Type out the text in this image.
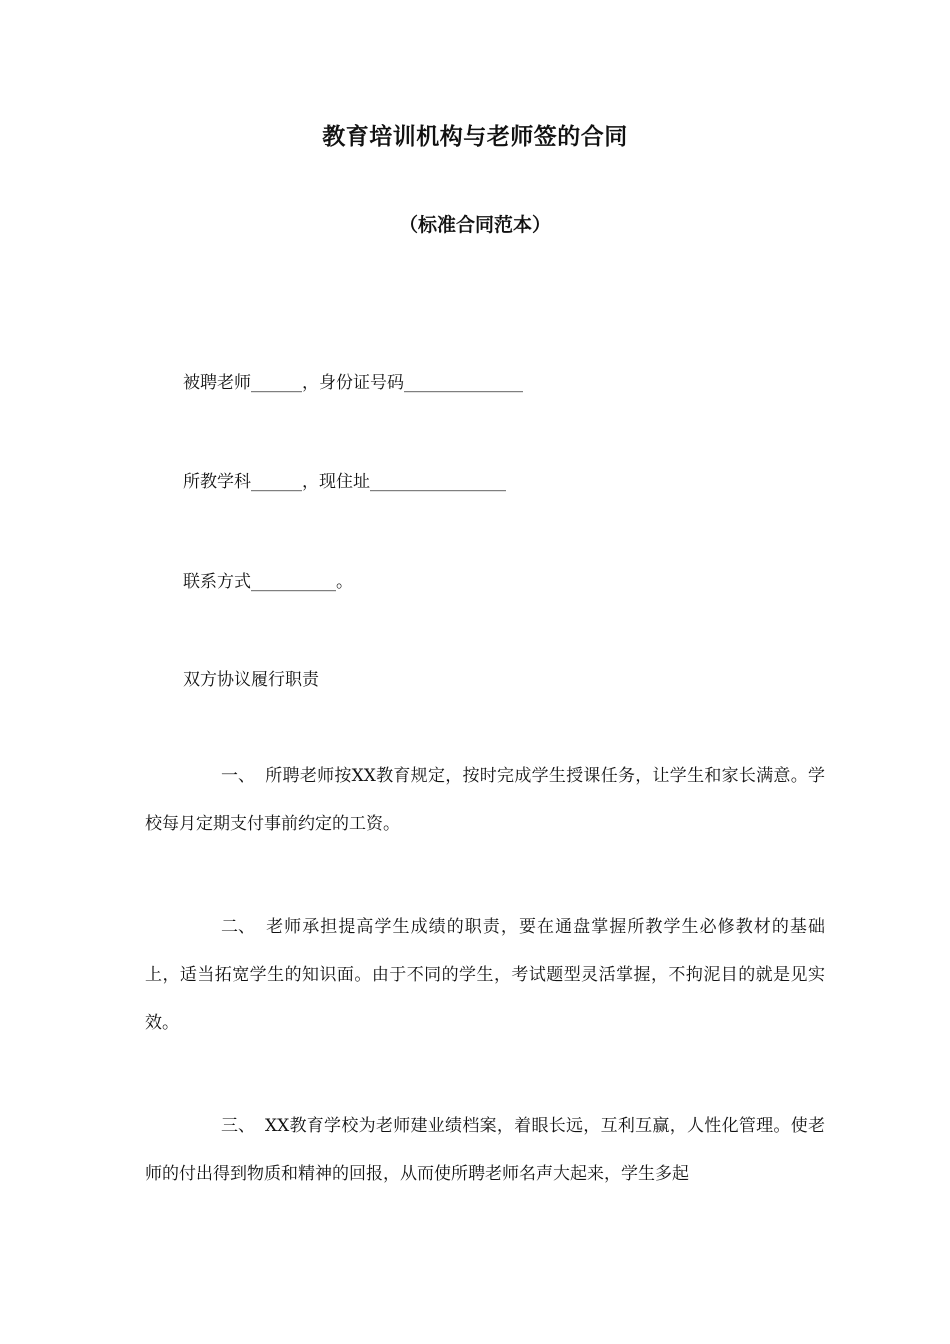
教育培训机构与老师签的合同
（标准合同范本）
被聘老师______，身份证号码______________
所教学科______，现住址________________
联系方式__________。
双方协议履行职责

一、 所聘老师按XX教育规定，按时完成学生授课任务，让学生和家长满意。学校每月定期支付事前约定的工资。

二、 老师承担提高学生成绩的职责，要在通盘掌握所教学生必修教材的基础上，适当拓宽学生的知识面。由于不同的学生，考试题型灵活掌握，不拘泥目的就是见实效。

三、 XX教育学校为老师建业绩档案，着眼长远，互利互赢，人性化管理。使老师的付出得到物质和精神的回报，从而使所聘老师名声大起来，学生多起
